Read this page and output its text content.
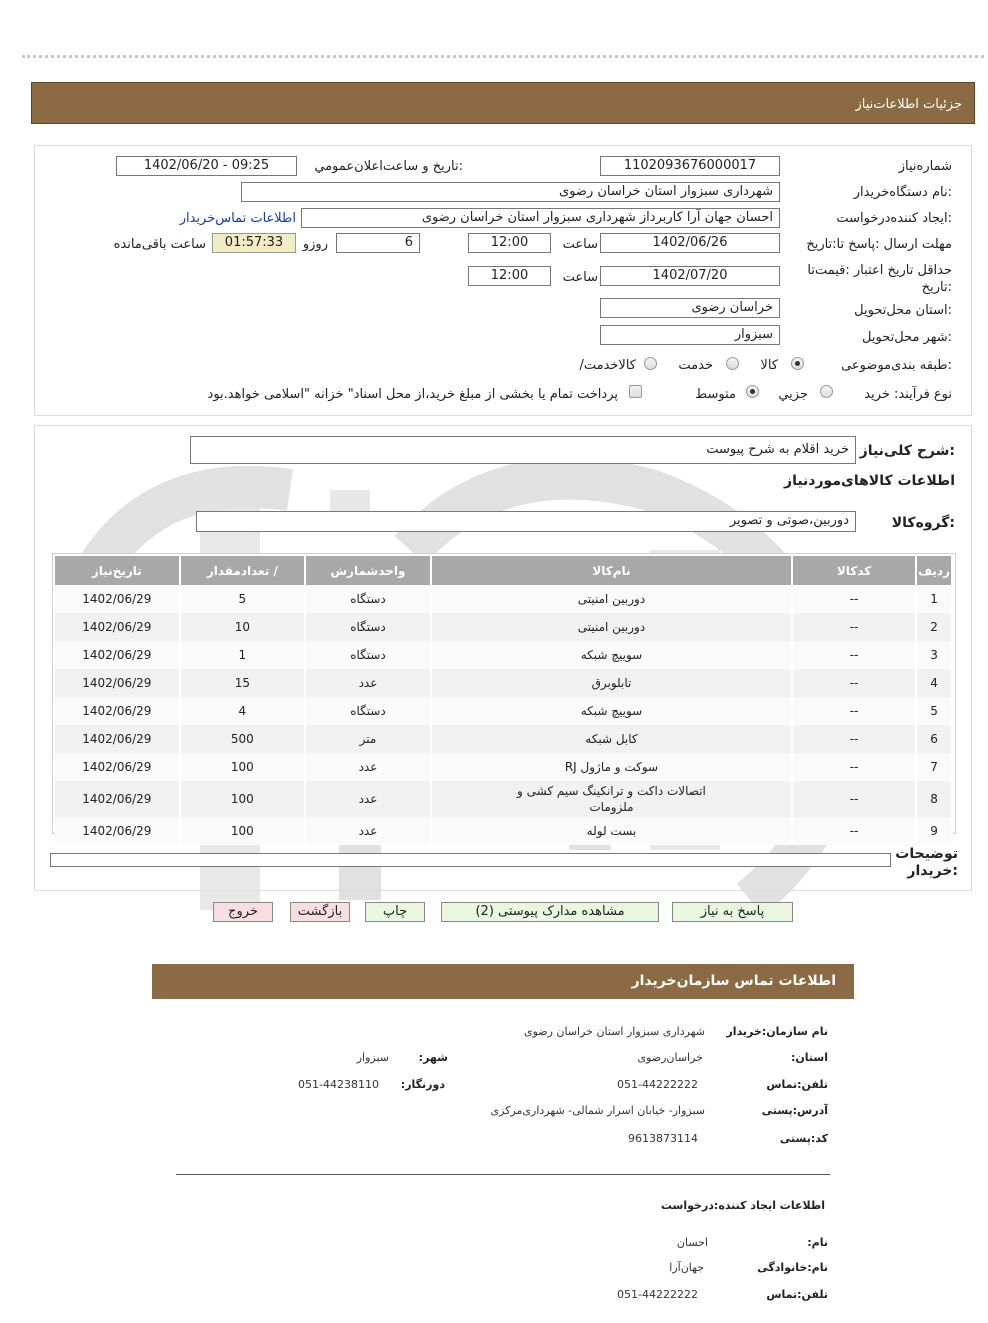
جزئیات اطلاعات‌نیاز
شماره‌نیاز
1102093676000017
تاریخ و ساعت‌اعلان‌عمومي:
1402/06/20 - 09:25
نام دستگاه‌خریدار:
شهرداری سبزوار استان خراسان رضوی
ایجاد کننده‌درخواست:
احسان جهان آرا کاربرداز شهرداری سبزوار استان خراسان رضوی
اطلاعات تماس‌خریدار
مهلت ارسال :پاسخ تا:تاریخ
1402/06/26
ساعت
12:00
6
روزو
01:57:33
ساعت باقی‌مانده
حداقل تاریخ اعتبار :قیمت‌تا تاریخ:
1402/07/20
ساعت
12:00
استان محل‌تحویل:
خراسان رضوی
شهر محل‌تحویل:
سبزوار
طبقه بندی‌موضوعی:
کالا
خدمت
/کالاخدمت
نوع فرآیند: خرید
جزيي
متوسط
پرداخت تمام یا بخشی از مبلغ خرید،از محل اسناد" خزانه "اسلامی خواهد.بود
شرح کلی‌نیاز:
خرید اقلام به شرح پیوست
اطلاعات کالاهای‌موردنیاز
گروه‌کالا:
دوربین،صوتی و تصویر
ردیف	کدکالا	نام‌کالا	واحدشمارش	/ تعدادمقدار	تاریخ‌نیاز
1	--	دوربین امنیتی	دستگاه	5	1402/06/29
2	--	دوربین امنیتی	دستگاه	10	1402/06/29
3	--	سوییچ شبکه	دستگاه	1	1402/06/29
4	--	تابلوبرق	عدد	15	1402/06/29
5	--	سوییچ شبکه	دستگاه	4	1402/06/29
6	--	کابل شبکه	متر	500	1402/06/29
7	--	سوکت و ماژول RJ	عدد	100	1402/06/29
8	--	اتصالات داکت و ترانکینگ سیم کشی و ملزومات	عدد	100	1402/06/29
9	--	بست لوله	عدد	100	1402/06/29
توضیحات :خریدار
پاسخ به نیاز
مشاهده مدارک پیوستی (2)
چاپ
بازگشت
خروج
اطلاعات تماس سازمان‌خریدار
نام سازمان:خریدار
شهرداری سبزوار استان خراسان رضوی
:استان
خراسان‌رضوی
:شهر
سبزوار
تلفن:تماس
051-44222222
:دورنگار
051-44238110
آدرس:پستی
سبزوار- خیابان اسرار شمالی- شهرداری‌مرکزی
کد:پستی
9613873114
اطلاعات ایجاد کننده:درخواست
:نام
احسان
نام:خانوادگی
جهان‌آرا
تلفن:تماس
051-44222222
